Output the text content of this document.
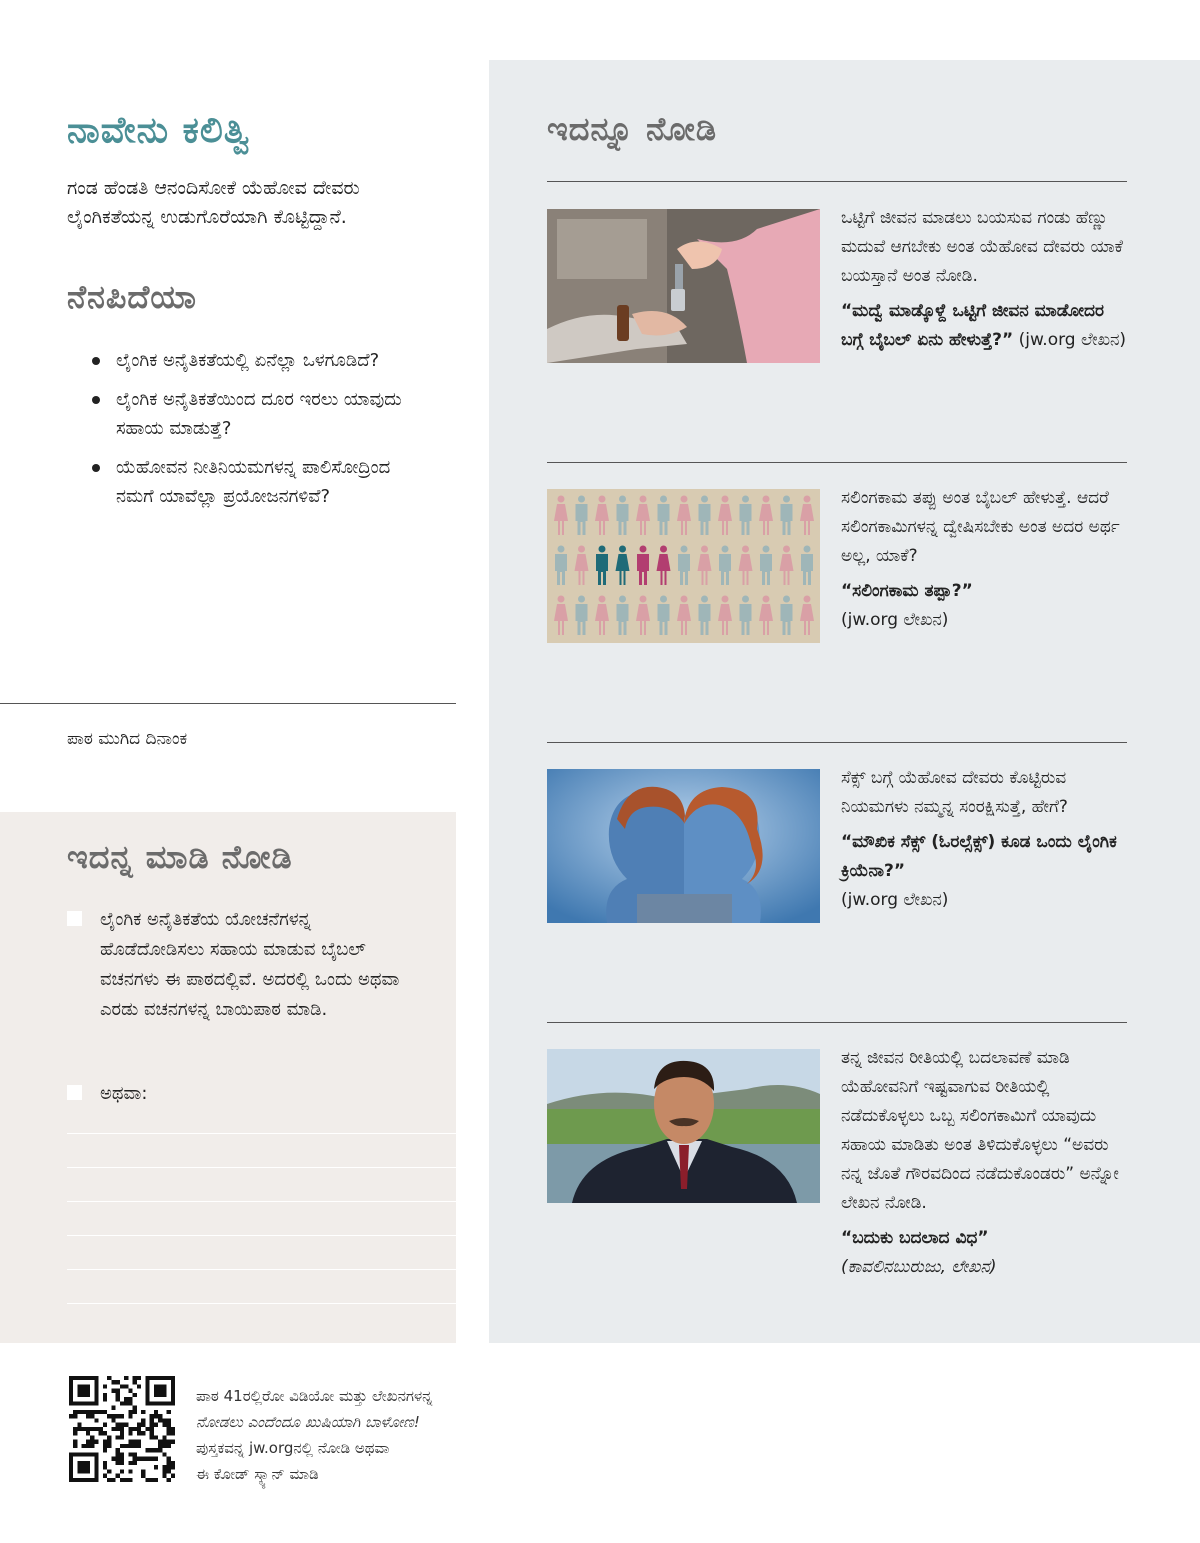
ನಾವೇನು ಕಲಿತ್ವಿ

ಗಂಡ ಹೆಂಡತಿ ಆನಂದಿಸೋಕೆ ಯೆಹೋವ ದೇವರು ಲೈಂಗಿಕತೆಯನ್ನ ಉಡುಗೊರೆಯಾಗಿ ಕೊಟ್ಟಿದ್ದಾನೆ.

ನೆನಪಿದೆಯಾ
ಲೈಂಗಿಕ ಅನೈತಿಕತೆಯಲ್ಲಿ ಏನೆಲ್ಲಾ ಒಳಗೂಡಿದೆ?
ಲೈಂಗಿಕ ಅನೈತಿಕತೆಯಿಂದ ದೂರ ಇರಲು ಯಾವುದು ಸಹಾಯ ಮಾಡುತ್ತೆ?
ಯೆಹೋವನ ನೀತಿನಿಯಮಗಳನ್ನ ಪಾಲಿಸೋದ್ರಿಂದ ನಮಗೆ ಯಾವೆಲ್ಲಾ ಪ್ರಯೋಜನಗಳಿವೆ?
ಪಾಠ ಮುಗಿದ ದಿನಾಂಕ
ಇದನ್ನ ಮಾಡಿ ನೋಡಿ
ಲೈಂಗಿಕ ಅನೈತಿಕತೆಯ ಯೋಚನೆಗಳನ್ನ ಹೊಡೆದೋಡಿಸಲು ಸಹಾಯ ಮಾಡುವ ಬೈಬಲ್ ವಚನಗಳು ಈ ಪಾಠದಲ್ಲಿವೆ. ಅದರಲ್ಲಿ ಒಂದು ಅಥವಾ ಎರಡು ವಚನಗಳನ್ನ ಬಾಯಿಪಾಠ ಮಾಡಿ.
ಅಥವಾ:
ಇದನ್ನೂ ನೋಡಿ

ಒಟ್ಟಿಗೆ ಜೀವನ ಮಾಡಲು ಬಯಸುವ ಗಂಡು ಹೆಣ್ಣು ಮದುವೆ ಆಗಬೇಕು ಅಂತ ಯೆಹೋವ ದೇವರು ಯಾಕೆ ಬಯಸ್ತಾನೆ ಅಂತ ನೋಡಿ.

“ಮದ್ವೆ ಮಾಡ್ಕೊಳ್ದೆ ಒಟ್ಟಿಗೆ ಜೀವನ ಮಾಡೋದರ ಬಗ್ಗೆ ಬೈಬಲ್ ಏನು ಹೇಳುತ್ತೆ?” (jw.org ಲೇಖನ)

ಸಲಿಂಗಕಾಮ ತಪ್ಪು ಅಂತ ಬೈಬಲ್ ಹೇಳುತ್ತೆ. ಆದರೆ ಸಲಿಂಗಕಾಮಿಗಳನ್ನ ದ್ವೇಷಿಸಬೇಕು ಅಂತ ಅದರ ಅರ್ಥ ಅಲ್ಲ, ಯಾಕೆ?

“ಸಲಿಂಗಕಾಮ ತಪ್ಪಾ?”
(jw.org ಲೇಖನ)

ಸೆಕ್ಸ್ ಬಗ್ಗೆ ಯೆಹೋವ ದೇವರು ಕೊಟ್ಟಿರುವ ನಿಯಮಗಳು ನಮ್ಮನ್ನ ಸಂರಕ್ಷಿಸುತ್ತೆ, ಹೇಗೆ?

“ಮೌಖಿಕ ಸೆಕ್ಸ್ (ಓರಲ್ಸೆಕ್ಸ್) ಕೂಡ ಒಂದು ಲೈಂಗಿಕ ಕ್ರಿಯೆನಾ?”
(jw.org ಲೇಖನ)

ತನ್ನ ಜೀವನ ರೀತಿಯಲ್ಲಿ ಬದಲಾವಣೆ ಮಾಡಿ ಯೆಹೋವನಿಗೆ ಇಷ್ಟವಾಗುವ ರೀತಿಯಲ್ಲಿ ನಡೆದುಕೊಳ್ಳಲು ಒಬ್ಬ ಸಲಿಂಗಕಾಮಿಗೆ ಯಾವುದು ಸಹಾಯ ಮಾಡಿತು ಅಂತ ತಿಳಿದುಕೊಳ್ಳಲು “ಅವರು ನನ್ನ ಜೊತೆ ಗೌರವದಿಂದ ನಡೆದುಕೊಂಡರು” ಅನ್ನೋ ಲೇಖನ ನೋಡಿ.

“ಬದುಕು ಬದಲಾದ ವಿಧ”
(ಕಾವಲಿನಬುರುಜು, ಲೇಖನ)

ಪಾಠ 41ರಲ್ಲಿರೋ ವಿಡಿಯೋ ಮತ್ತು ಲೇಖನಗಳನ್ನ
ನೋಡಲು ಎಂದೆಂದೂ ಖುಷಿಯಾಗಿ ಬಾಳೋಣ!
ಪುಸ್ತಕವನ್ನ jw.orgನಲ್ಲಿ ನೋಡಿ ಅಥವಾ
ಈ ಕೋಡ್ ಸ್ಕ್ಯಾನ್ ಮಾಡಿ
